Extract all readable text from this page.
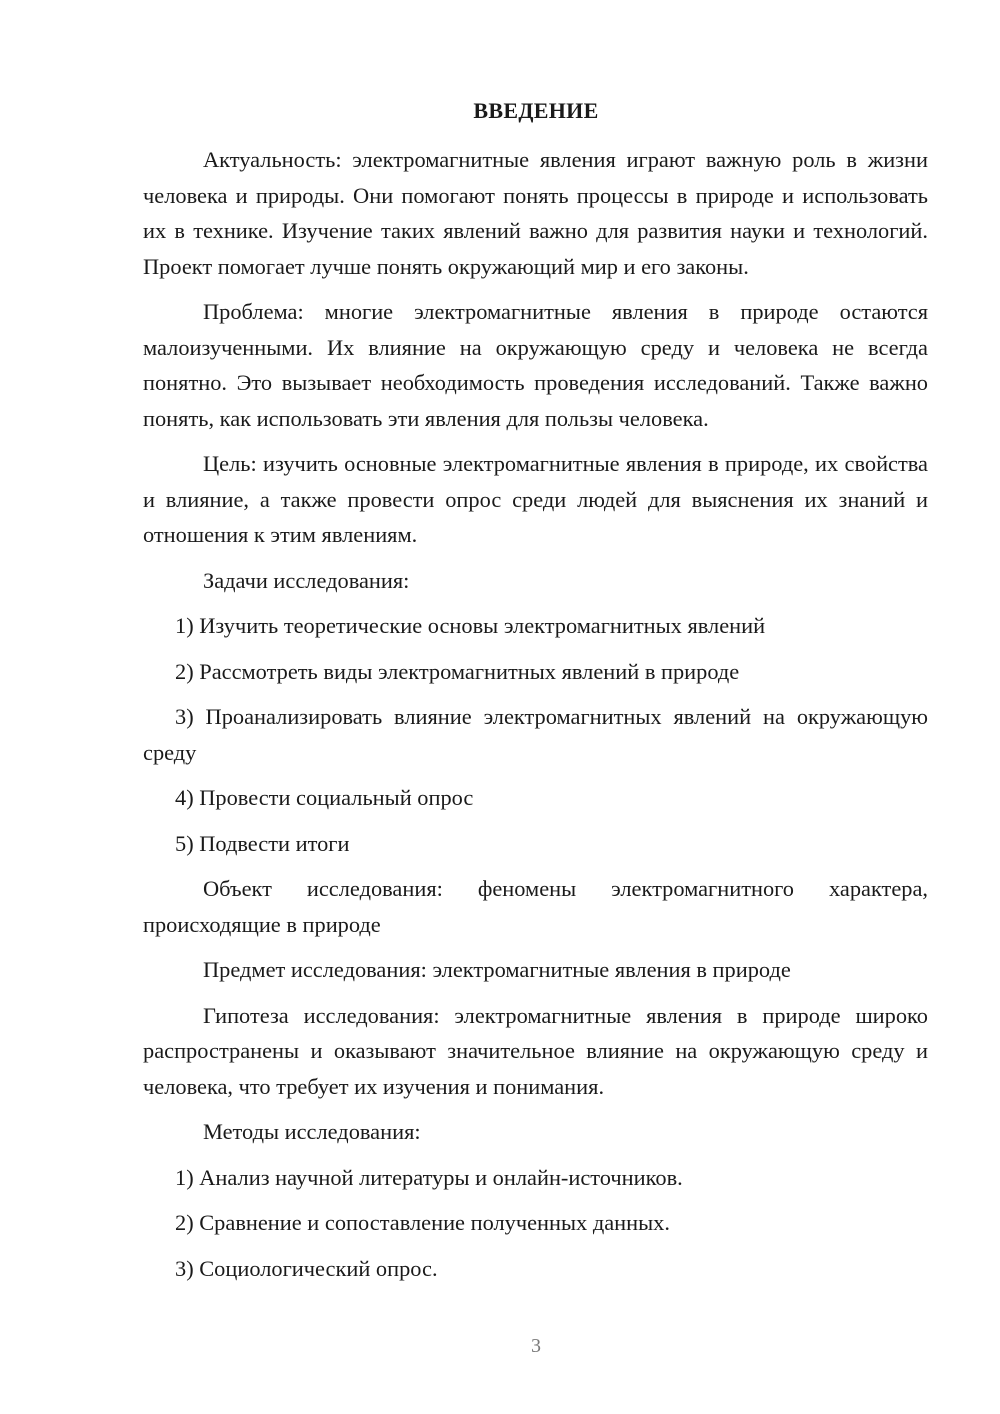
ВВЕДЕНИЕ

Актуальность: электромагнитные явления играют важную роль в жизни человека и природы. Они помогают понять процессы в природе и использовать их в технике. Изучение таких явлений важно для развития науки и технологий. Проект помогает лучше понять окружающий мир и его законы.

Проблема: многие электромагнитные явления в природе остаются малоизученными. Их влияние на окружающую среду и человека не всегда понятно. Это вызывает необходимость проведения исследований. Также важно понять, как использовать эти явления для пользы человека.

Цель: изучить основные электромагнитные явления в природе, их свойства и влияние, а также провести опрос среди людей для выяснения их знаний и отношения к этим явлениям.

Задачи исследования:

1) Изучить теоретические основы электромагнитных явлений

2) Рассмотреть виды электромагнитных явлений в природе

3) Проанализировать влияние электромагнитных явлений на окружающую среду

4) Провести социальный опрос

5) Подвести итоги

Объект исследования: феномены электромагнитного характера, происходящие в природе

Предмет исследования: электромагнитные явления в природе

Гипотеза исследования: электромагнитные явления в природе широко распространены и оказывают значительное влияние на окружающую среду и человека, что требует их изучения и понимания.

Методы исследования:

1) Анализ научной литературы и онлайн-источников.

2) Сравнение и сопоставление полученных данных.

3) Социологический опрос.

3
